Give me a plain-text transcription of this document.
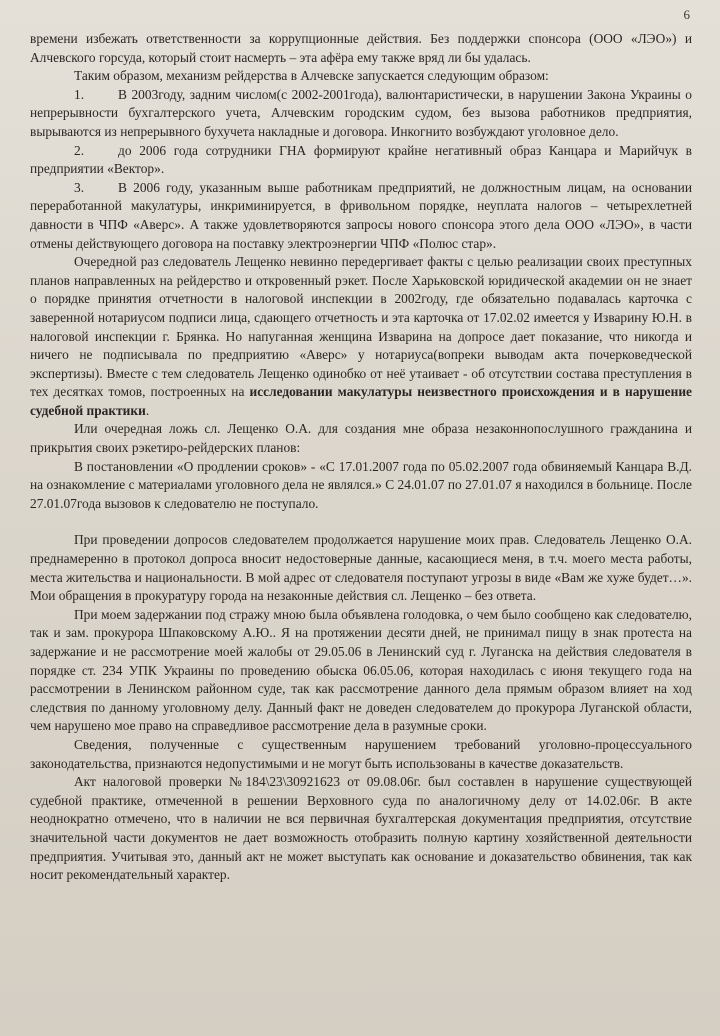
6

времени избежать ответственности за коррупционные действия. Без поддержки спонсора (ООО «ЛЭО») и Алчевского горсуда, который стоит насмерть – эта афёра ему также вряд ли бы удалась.

Таким образом, механизм рейдерства в Алчевске запускается следующим образом:

1.	В 2003году, задним числом(с 2002-2001года), валюнтаристически, в нарушении Закона Украины о непрерывности бухгалтерского учета, Алчевским городским судом, без вызова работников предприятия, вырываются из непрерывного бухучета накладные и договора. Инкогнито возбуждают уголовное дело.

2.	до 2006 года сотрудники ГНА формируют крайне негативный образ Канцара и Марийчук в предприятии «Вектор».

3.	В 2006 году, указанным выше работникам предприятий, не должностным лицам, на основании переработанной макулатуры, инкриминируется, в фривольном порядке, неуплата налогов – четырехлетней давности в ЧПФ «Аверс». А также удовлетворяются запросы нового спонсора этого дела ООО «ЛЭО», в части отмены действующего договора на поставку электроэнергии ЧПФ «Полюс стар».

Очередной раз следователь Лещенко невинно передергивает факты с целью реализации своих преступных планов направленных на рейдерство и откровенный рэкет. После Харьковской юридической академии он не знает о порядке принятия отчетности в налоговой инспекции в 2002году, где обязательно подавалась карточка с заверенной нотариусом подписи лица, сдающего отчетность и эта карточка от 17.02.02 имеется у Изварину Ю.Н. в налоговой инспекции г. Брянка. Но напуганная женщина Изварина на допросе дает показание, что никогда и ничего не подписывала по предприятию «Аверс» у нотариуса(вопреки выводам акта почерковедческой экспертизы). Вместе с тем следователь Лещенко одинобко от неё утаивает - об отсутствии состава преступления в тех десятках томов, построенных на исследовании макулатуры неизвестного происхождения и в нарушение судебной практики.

Или очередная ложь сл. Лещенко О.А. для создания мне образа незаконнопослушного гражданина и прикрытия своих рэкетиро-рейдерских планов:

В постановлении «О продлении сроков» - «С 17.01.2007 года по 05.02.2007 года обвиняемый Канцара В.Д. на ознакомление с материалами уголовного дела не являлся.» С 24.01.07 по 27.01.07 я находился в больнице. После 27.01.07года вызовов к следователю не поступало.

При проведении допросов следователем продолжается нарушение моих прав. Следователь Лещенко О.А. преднамеренно в протокол допроса вносит недостоверные данные, касающиеся меня, в т.ч. моего места работы, места жительства и национальности. В мой адрес от следователя поступают угрозы в виде «Вам же хуже будет…». Мои обращения в прокуратуру города на незаконные действия сл. Лещенко – без ответа.

При моем задержании под стражу мною была объявлена голодовка, о чем было сообщено как следователю, так и зам. прокурора Шпаковскому А.Ю.. Я на протяжении десяти дней, не принимал пищу в знак протеста на задержание и не рассмотрение моей жалобы от 29.05.06 в Ленинский суд г. Луганска на действия следователя в порядке ст. 234 УПК Украины по проведению обыска 06.05.06, которая находилась с июня текущего года на рассмотрении в Ленинском районном суде, так как рассмотрение данного дела прямым образом влияет на ход следствия по данному уголовному делу. Данный факт не доведен следователем до прокурора Луганской области, чем нарушено мое право на справедливое рассмотрение дела в разумные сроки.

Сведения, полученные с существенным нарушением требований уголовно-процессуального законодательства, признаются недопустимыми и не могут быть использованы в качестве доказательств.

Акт налоговой проверки №184\23\30921623 от 09.08.06г. был составлен в нарушение существующей судебной практике, отмеченной в решении Верховного суда по аналогичному делу от 14.02.06г. В акте неоднократно отмечено, что в наличии не вся первичная бухгалтерская документация предприятия, отсутствие значительной части документов не дает возможность отобразить полную картину хозяйственной деятельности предприятия. Учитывая это, данный акт не может выступать как основание и доказательство обвинения, так как носит рекомендательный характер.
